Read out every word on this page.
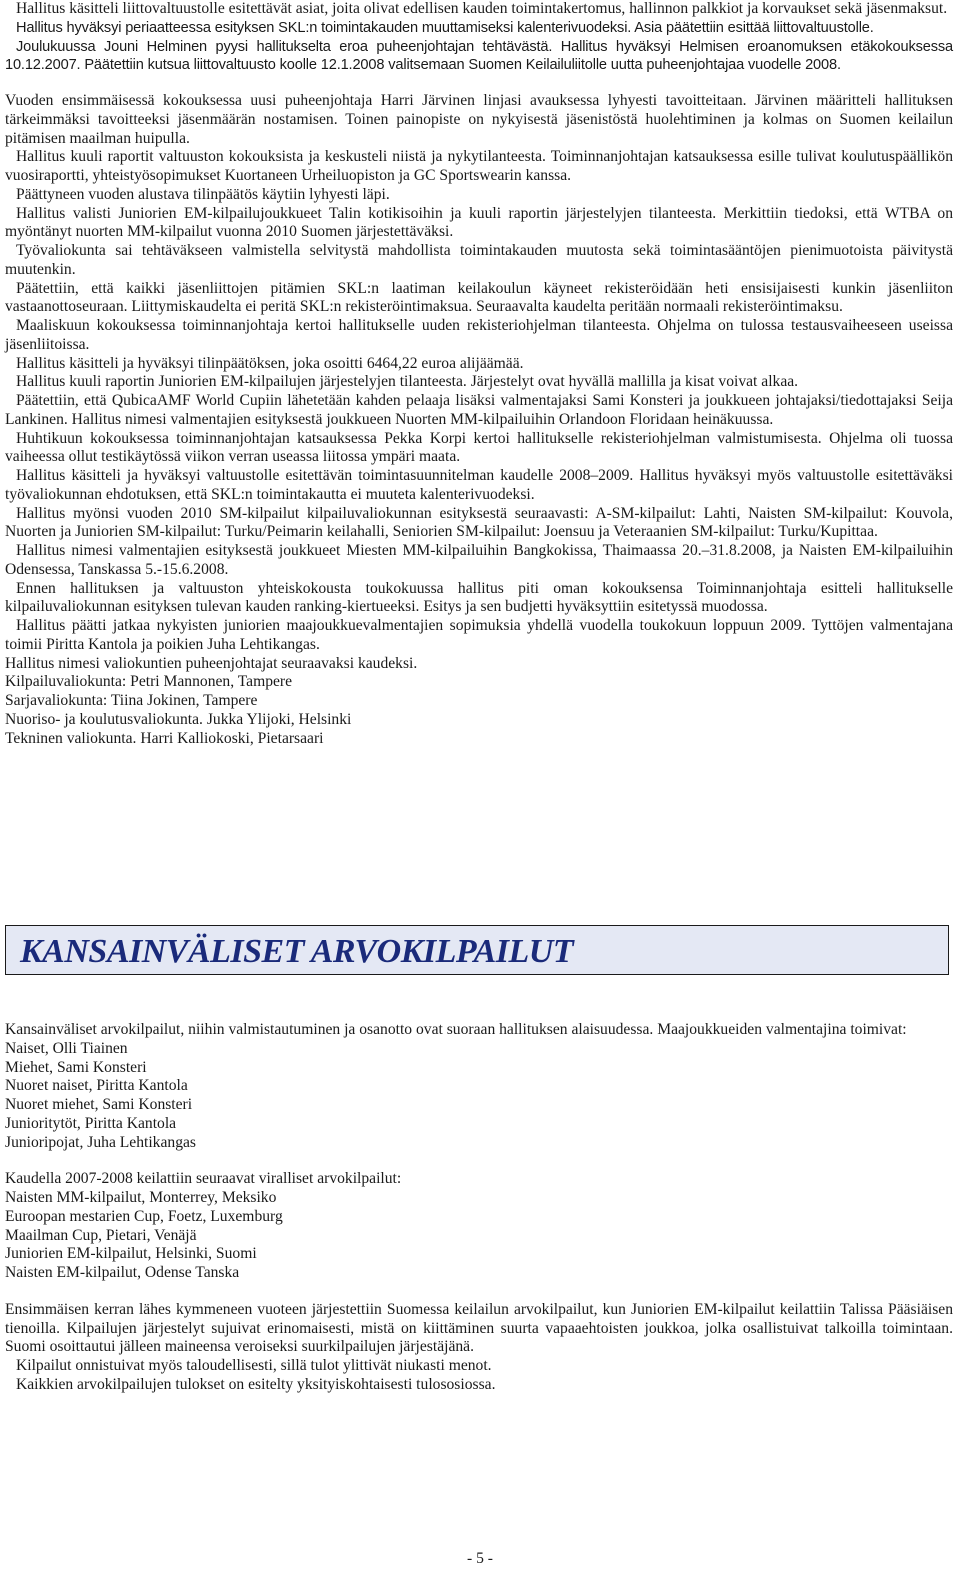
Hallitus käsitteli liittovaltuustolle esitettävät asiat, joita olivat edellisen kauden toimintakertomus, hallinnon palkkiot ja korvaukset sekä jäsenmaksut.

Hallitus hyväksyi periaatteessa esityksen SKL:n toimintakauden muuttamiseksi kalenterivuodeksi. Asia päätettiin esittää liittovaltuustolle.

Joulukuussa Jouni Helminen pyysi hallitukselta eroa puheenjohtajan tehtävästä. Hallitus hyväksyi Helmisen eroanomuksen etäkokouksessa 10.12.2007. Päätettiin kutsua liittovaltuusto koolle 12.1.2008 valitsemaan Suomen Keilailuliitolle uutta puheenjohtajaa vuodelle 2008.

Vuoden ensimmäisessä kokouksessa uusi puheenjohtaja Harri Järvinen linjasi avauksessa lyhyesti tavoitteitaan. Järvinen määritteli hallituksen tärkeimmäksi tavoitteeksi jäsenmäärän nostamisen. Toinen painopiste on nykyisestä jäsenistöstä huolehtiminen ja kolmas on Suomen keilailun pitämisen maailman huipulla.

Hallitus kuuli raportit valtuuston kokouksista ja keskusteli niistä ja nykytilanteesta. Toiminnanjohtajan katsauksessa esille tulivat koulutuspäällikön vuosiraportti, yhteistyösopimukset Kuortaneen Urheiluopiston ja GC Sportswearin kanssa.

Päättyneen vuoden alustava tilinpäätös käytiin lyhyesti läpi.

Hallitus valisti Juniorien EM-kilpailujoukkueet Talin kotikisoihin ja kuuli raportin järjestelyjen tilanteesta. Merkittiin tiedoksi, että WTBA on myöntänyt nuorten MM-kilpailut vuonna 2010 Suomen järjestettäväksi.

Työvaliokunta sai tehtäväkseen valmistella selvitystä mahdollista toimintakauden muutosta sekä toimintasääntöjen pienimuotoista päivitystä muutenkin.

Päätettiin, että kaikki jäsenliittojen pitämien SKL:n laatiman keilakoulun käyneet rekisteröidään heti ensisijaisesti kunkin jäsenliiton vastaanottoseuraan. Liittymiskaudelta ei peritä SKL:n rekisteröintimaksua. Seuraavalta kaudelta peritään normaali rekisteröintimaksu.

Maaliskuun kokouksessa toiminnanjohtaja kertoi hallitukselle uuden rekisteriohjelman tilanteesta. Ohjelma on tulossa testausvaiheeseen useissa jäsenliitoissa.

Hallitus käsitteli ja hyväksyi tilinpäätöksen, joka osoitti 6464,22 euroa alijäämää.

Hallitus kuuli raportin Juniorien EM-kilpailujen järjestelyjen tilanteesta. Järjestelyt ovat hyvällä mallilla ja kisat voivat alkaa.

Päätettiin, että QubicaAMF World Cupiin lähetetään kahden pelaaja lisäksi valmentajaksi Sami Konsteri ja joukkueen johtajaksi/tiedottajaksi Seija Lankinen. Hallitus nimesi valmentajien esityksestä joukkueen Nuorten MM-kilpailuihin Orlandoon Floridaan heinäkuussa.

Huhtikuun kokouksessa toiminnanjohtajan katsauksessa Pekka Korpi kertoi hallitukselle rekisteriohjelman valmistumisesta. Ohjelma oli tuossa vaiheessa ollut testikäytössä viikon verran useassa liitossa ympäri maata.

Hallitus käsitteli ja hyväksyi valtuustolle esitettävän toimintasuunnitelman kaudelle 2008–2009. Hallitus hyväksyi myös valtuustolle esitettäväksi työvaliokunnan ehdotuksen, että SKL:n toimintakautta ei muuteta kalenterivuodeksi.

Hallitus myönsi vuoden 2010 SM-kilpailut kilpailuvaliokunnan esityksestä seuraavasti: A-SM-kilpailut: Lahti, Naisten SM-kilpailut: Kouvola, Nuorten ja Juniorien SM-kilpailut: Turku/Peimarin keilahalli, Seniorien SM-kilpailut: Joensuu ja Veteraanien SM-kilpailut: Turku/Kupittaa.

Hallitus nimesi valmentajien esityksestä joukkueet Miesten MM-kilpailuihin Bangkokissa, Thaimaassa 20.–31.8.2008, ja Naisten EM-kilpailuihin Odensessa, Tanskassa 5.-15.6.2008.

Ennen hallituksen ja valtuuston yhteiskokousta toukokuussa hallitus piti oman kokouksensa Toiminnanjohtaja esitteli hallitukselle kilpailuvaliokunnan esityksen tulevan kauden ranking-kiertueeksi. Esitys ja sen budjetti hyväksyttiin esitetyssä muodossa.

Hallitus päätti jatkaa nykyisten juniorien maajoukkuevalmentajien sopimuksia yhdellä vuodella toukokuun loppuun 2009. Tyttöjen valmentajana toimii Piritta Kantola ja poikien Juha Lehtikangas.

Hallitus nimesi valiokuntien puheenjohtajat seuraavaksi kaudeksi.

Kilpailuvaliokunta: Petri Mannonen, Tampere

Sarjavaliokunta: Tiina Jokinen, Tampere

Nuoriso- ja koulutusvaliokunta. Jukka Ylijoki, Helsinki

Tekninen valiokunta. Harri Kalliokoski, Pietarsaari

KANSAINVÄLISET ARVOKILPAILUT

Kansainväliset arvokilpailut, niihin valmistautuminen ja osanotto ovat suoraan hallituksen alaisuudessa. Maajoukkueiden valmentajina toimivat:

Naiset, Olli Tiainen

Miehet, Sami Konsteri

Nuoret naiset, Piritta Kantola

Nuoret miehet, Sami Konsteri

Junioritytöt, Piritta Kantola

Junioripojat, Juha Lehtikangas

Kaudella 2007-2008 keilattiin seuraavat viralliset arvokilpailut:

Naisten MM-kilpailut, Monterrey, Meksiko

Euroopan mestarien Cup, Foetz, Luxemburg

Maailman Cup, Pietari, Venäjä

Juniorien EM-kilpailut, Helsinki, Suomi

Naisten EM-kilpailut, Odense Tanska

Ensimmäisen kerran lähes kymmeneen vuoteen järjestettiin Suomessa keilailun arvokilpailut, kun Juniorien EM-kilpailut keilattiin Talissa Pääsiäisen tienoilla. Kilpailujen järjestelyt sujuivat erinomaisesti, mistä on kiittäminen suurta vapaaehtoisten joukkoa, jolka osallistuivat talkoilla toimintaan. Suomi osoittautui jälleen maineensa veroiseksi suurkilpailujen järjestäjänä.

Kilpailut onnistuivat myös taloudellisesti, sillä tulot ylittivät niukasti menot.

Kaikkien arvokilpailujen tulokset on esitelty yksityiskohtaisesti tulososiossa.

- 5 -
